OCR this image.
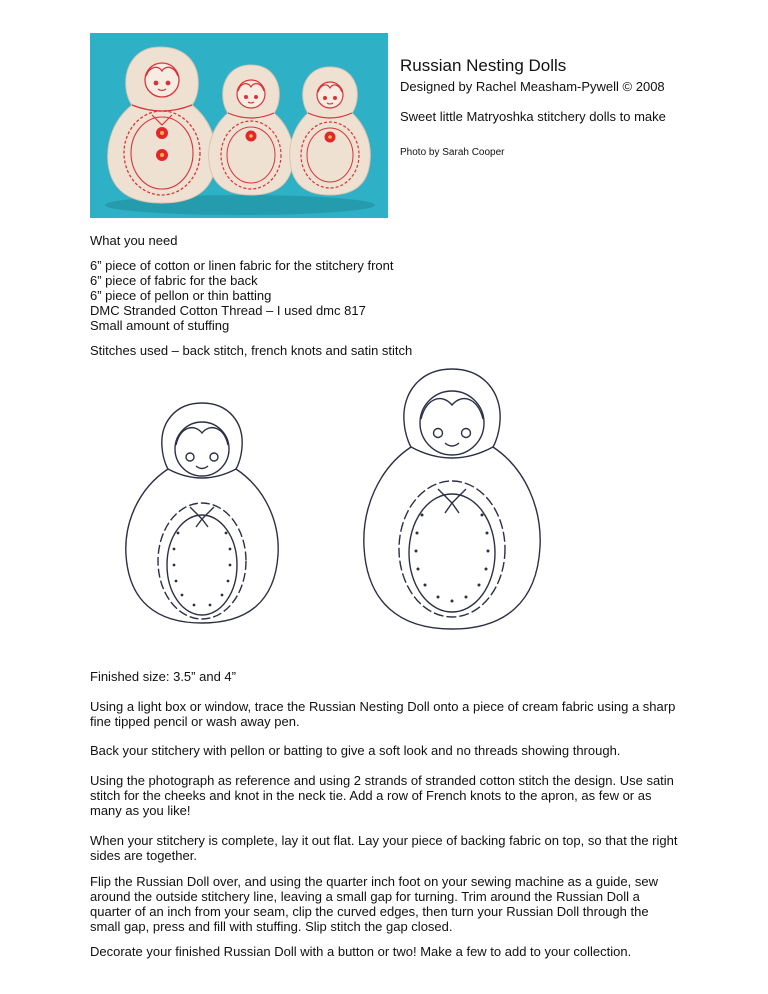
Russian Nesting Dolls

Designed by Rachel Measham-Pywell © 2008

Sweet little Matryoshka stitchery dolls to make

Photo by Sarah Cooper

What you need
6” piece of cotton or linen fabric for the stitchery front
6” piece of fabric for the back
6” piece of pellon or thin batting
DMC Stranded Cotton Thread – I used dmc 817
Small amount of stuffing
Stitches used – back stitch, french knots and satin stitch
Finished size: 3.5” and 4”
Using a light box or window, trace the Russian Nesting Doll onto a piece of cream fabric using a sharp fine tipped pencil or wash away pen.
Back your stitchery with pellon or batting to give a soft look and no threads showing through.
Using the photograph as reference and using 2 strands of stranded cotton stitch the design. Use satin stitch for the cheeks and knot in the neck tie. Add a row of French knots to the apron, as few or as many as you like!
When your stitchery is complete, lay it out flat. Lay your piece of backing fabric on top, so that the right sides are together.
Flip the Russian Doll over, and using the quarter inch foot on your sewing machine as a guide, sew around the outside stitchery line, leaving a small gap for turning. Trim around the Russian Doll a quarter of an inch from your seam, clip the curved edges, then turn your Russian Doll through the small gap, press and fill with stuffing. Slip stitch the gap closed.
Decorate your finished Russian Doll with a button or two! Make a few to add to your collection.
